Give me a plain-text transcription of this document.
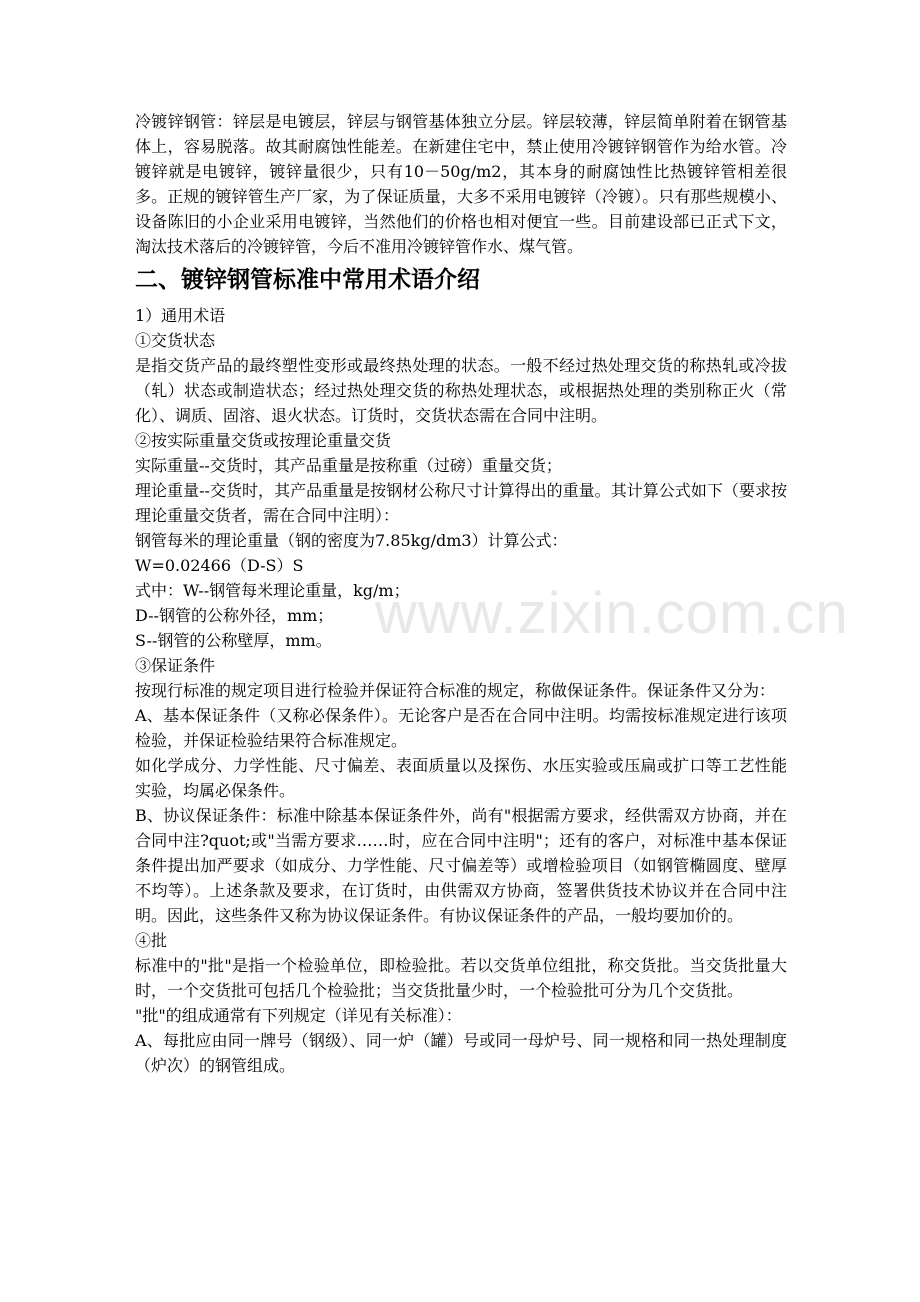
www.zixin.com.cn

冷镀锌钢管：锌层是电镀层，锌层与钢管基体独立分层。锌层较薄，锌层简单附着在钢管基体上，容易脱落。故其耐腐蚀性能差。在新建住宅中，禁止使用冷镀锌钢管作为给水管。冷镀锌就是电镀锌，镀锌量很少，只有10－50g/m2，其本身的耐腐蚀性比热镀锌管相差很多。正规的镀锌管生产厂家，为了保证质量，大多不采用电镀锌（冷镀）。只有那些规模小、设备陈旧的小企业采用电镀锌，当然他们的价格也相对便宜一些。目前建设部已正式下文，淘汰技术落后的冷镀锌管，今后不准用冷镀锌管作水、煤气管。

二、镀锌钢管标准中常用术语介绍

1）通用术语

①交货状态

是指交货产品的最终塑性变形或最终热处理的状态。一般不经过热处理交货的称热轧或冷拔（轧）状态或制造状态；经过热处理交货的称热处理状态，或根据热处理的类别称正火（常化）、调质、固溶、退火状态。订货时，交货状态需在合同中注明。

②按实际重量交货或按理论重量交货

实际重量--交货时，其产品重量是按称重（过磅）重量交货；

理论重量--交货时，其产品重量是按钢材公称尺寸计算得出的重量。其计算公式如下（要求按理论重量交货者，需在合同中注明）：

钢管每米的理论重量（钢的密度为7.85kg/dm3）计算公式：

W=0.02466（D-S）S

式中：W--钢管每米理论重量，kg/m；

D--钢管的公称外径，mm；

S--钢管的公称壁厚，mm。

③保证条件

按现行标准的规定项目进行检验并保证符合标准的规定，称做保证条件。保证条件又分为：

A、基本保证条件（又称必保条件）。无论客户是否在合同中注明。均需按标准规定进行该项检验，并保证检验结果符合标准规定。

如化学成分、力学性能、尺寸偏差、表面质量以及探伤、水压实验或压扁或扩口等工艺性能实验，均属必保条件。

B、协议保证条件：标准中除基本保证条件外，尚有"根据需方要求，经供需双方协商，并在合同中注?quot;或"当需方要求……时，应在合同中注明"；还有的客户，对标准中基本保证条件提出加严要求（如成分、力学性能、尺寸偏差等）或增检验项目（如钢管椭圆度、壁厚不均等）。上述条款及要求，在订货时，由供需双方协商，签署供货技术协议并在合同中注明。因此，这些条件又称为协议保证条件。有协议保证条件的产品，一般均要加价的。

④批

标准中的"批"是指一个检验单位，即检验批。若以交货单位组批，称交货批。当交货批量大时，一个交货批可包括几个检验批；当交货批量少时，一个检验批可分为几个交货批。

"批"的组成通常有下列规定（详见有关标准）：

A、每批应由同一牌号（钢级）、同一炉（罐）号或同一母炉号、同一规格和同一热处理制度（炉次）的钢管组成。
